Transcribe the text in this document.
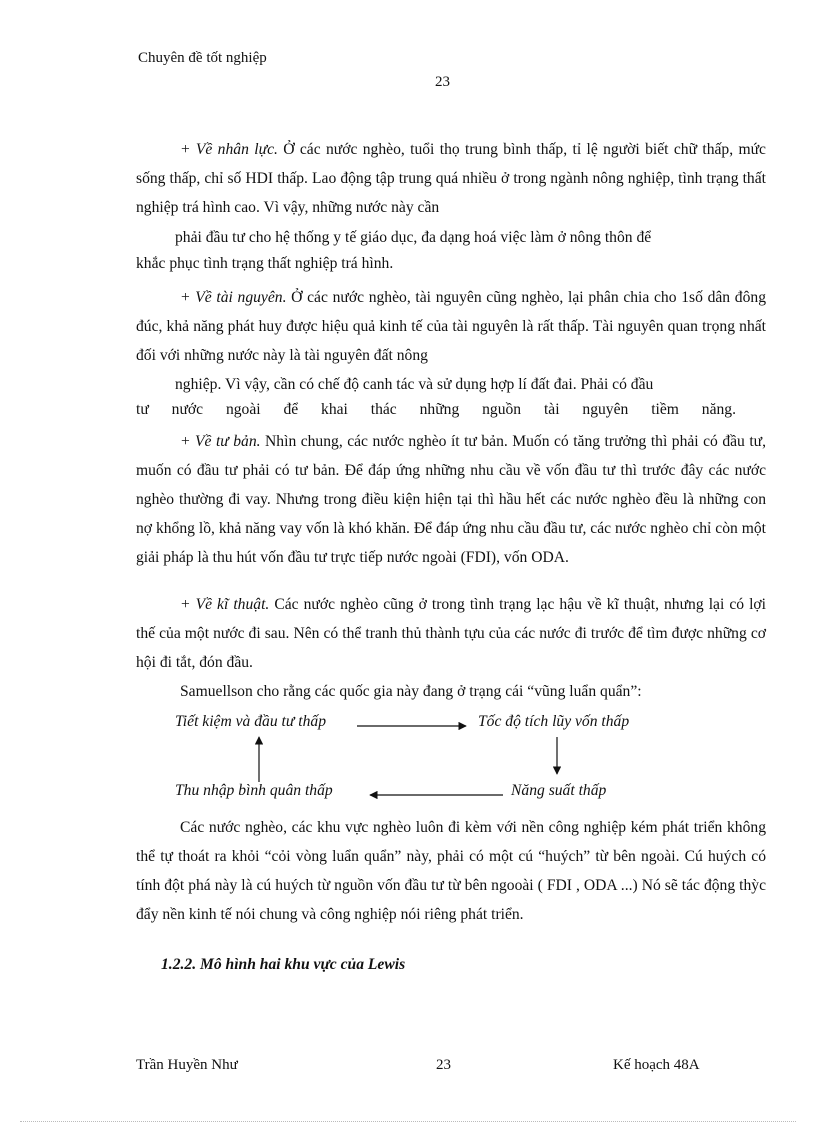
Chuyên đề tốt nghiệp
23

+ Về nhân lực. Ở các nước nghèo, tuổi thọ trung bình thấp, tỉ lệ người biết chữ thấp, mức sống thấp, chỉ số HDI thấp. Lao động tập trung quá nhiều ở trong ngành nông nghiệp, tình trạng thất nghiệp trá hình cao. Vì vậy, những nước này cần

phải đầu tư cho hệ thống y tế giáo dục, đa dạng hoá việc làm ở nông thôn để

khắc phục tình trạng thất nghiệp trá hình.

+ Về tài nguyên. Ở các nước nghèo, tài nguyên cũng nghèo, lại phân chia cho 1số dân đông đúc, khả năng phát huy được hiệu quả kinh tế của tài nguyên là rất thấp. Tài nguyên quan trọng nhất đối với những nước này là tài nguyên đất nông

nghiệp. Vì vậy, cần có chế độ canh tác và sử dụng hợp lí đất đai. Phải có đầu

tư nước ngoài để khai thác những nguồn tài nguyên tiềm năng.

+ Về tư bản. Nhìn chung, các nước nghèo ít tư bản. Muốn có tăng trưởng thì phải có đầu tư, muốn có đầu tư phải có tư bản. Để đáp ứng những nhu cầu về vốn đầu tư thì trước đây các nước nghèo thường đi vay. Nhưng trong điều kiện hiện tại thì hầu hết các nước nghèo đều là những con nợ khổng lồ, khả năng vay vốn là khó khăn. Để đáp ứng nhu cầu đầu tư, các nước nghèo chỉ còn một giải pháp là thu hút vốn đầu tư trực tiếp nước ngoài (FDI), vốn ODA.

+ Về kĩ thuật. Các nước nghèo cũng ở trong tình trạng lạc hậu về kĩ thuật, nhưng lại có lợi thế của một nước đi sau. Nên có thể tranh thủ thành tựu của các nước đi trước để tìm được những cơ hội đi tắt, đón đầu.

Samuellson cho rằng các quốc gia này đang ở trạng cái “vũng luẩn quẩn”:

Tiết kiệm và đầu tư thấp	Tốc độ tích lũy vốn thấp
Năng suất thấp
Thu nhập bình quân thấp

Các nước nghèo, các khu vực nghèo luôn đi kèm với nền công nghiệp kém phát triển không thể tự thoát ra khỏi “cỏi vòng luẩn quẩn” này, phải có một cú “huých” từ bên ngoài. Cú huých có tính đột phá này là cú huých từ nguồn vốn đầu tư từ bên ngooài ( FDI , ODA ...) Nó sẽ tác động thỳc đẩy nền kinh tế nói chung và công nghiệp nói riêng phát triển.

1.2.2. Mô hình hai khu vực của Lewis
Trần Huyền Như	23	Kế hoạch 48A
